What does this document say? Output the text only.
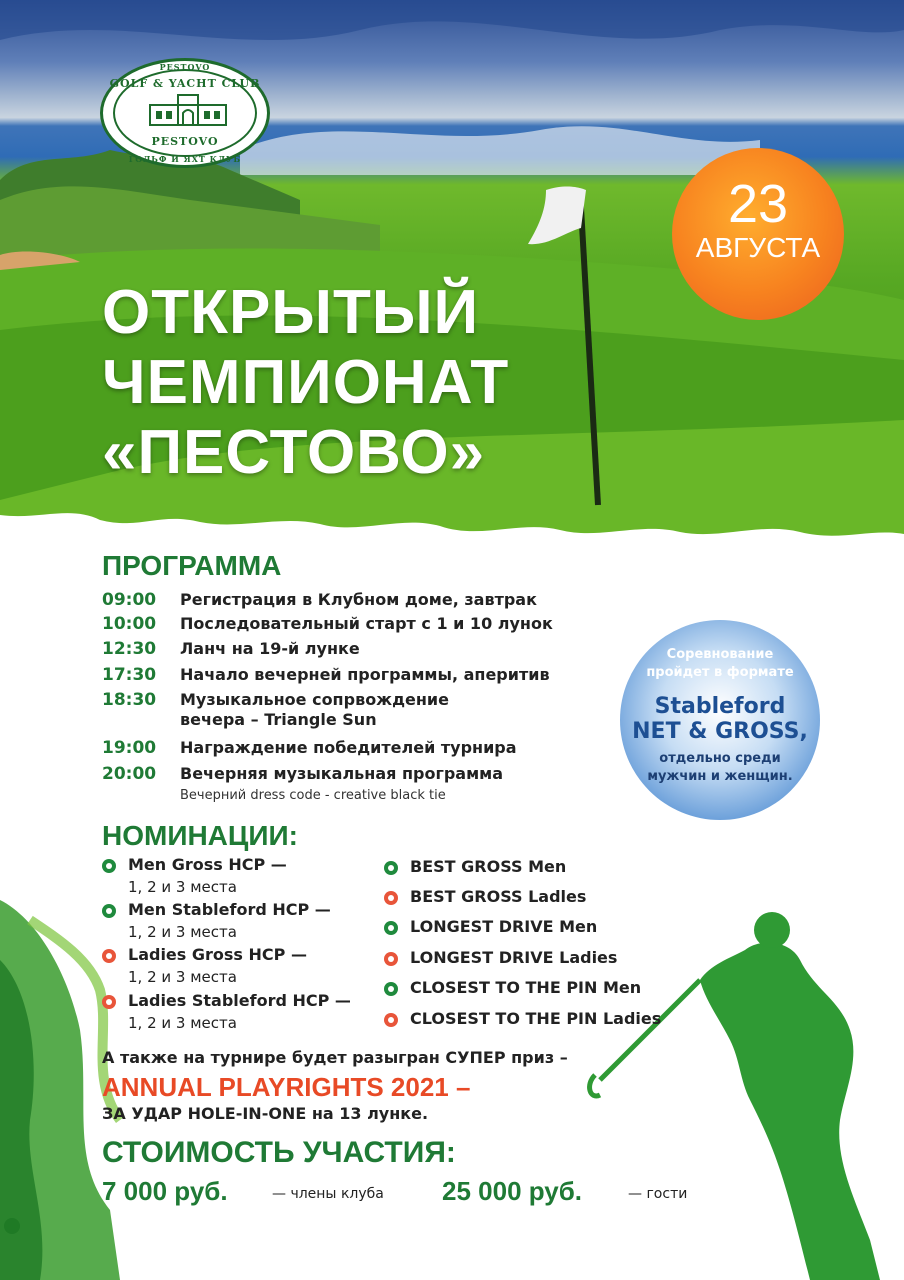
PESTOVO
GOLF & YACHT CLUB
PESTOVO
ГОЛЬФ И ЯХТ КЛУБ
23
АВГУСТА
ОТКРЫТЫЙ
ЧЕМПИОНАТ
«ПЕСТОВО»
ПРОГРАММА
09:00 Регистрация в Клубном доме, завтрак
10:00 Последовательный старт с 1 и 10 лунок
12:30 Ланч на 19-й лунке
17:30 Начало вечерней программы, аперитив
18:30 Музыкальное сопрвождение вечера – Triangle Sun
19:00 Награждение победителей турнира
20:00 Вечерняя музыкальная программа
Вечерний dress code - creative black tie
Соревнование
пройдет в формате
Stableford
NET & GROSS,
отдельно среди
мужчин и женщин.
НОМИНАЦИИ:
Men Gross HCP —
1, 2 и 3 места
Men Stableford HCP —
1, 2 и 3 места
Ladies Gross HCP —
1, 2 и 3 места
Ladies Stableford HCP —
1, 2 и 3 места
BEST GROSS Men
BEST GROSS Ladles
LONGEST DRIVE Men
LONGEST DRIVE Ladies
CLOSEST TO THE PIN Men
CLOSEST TO THE PIN Ladies
А также на турнире будет разыгран СУПЕР приз –
ANNUAL PLAYRIGHTS 2021 –
ЗА УДАР HOLE-IN-ONE на 13 лунке.
СТОИМОСТЬ УЧАСТИЯ:
7 000 руб.	— члены клуба 25 000 руб.	— гости
